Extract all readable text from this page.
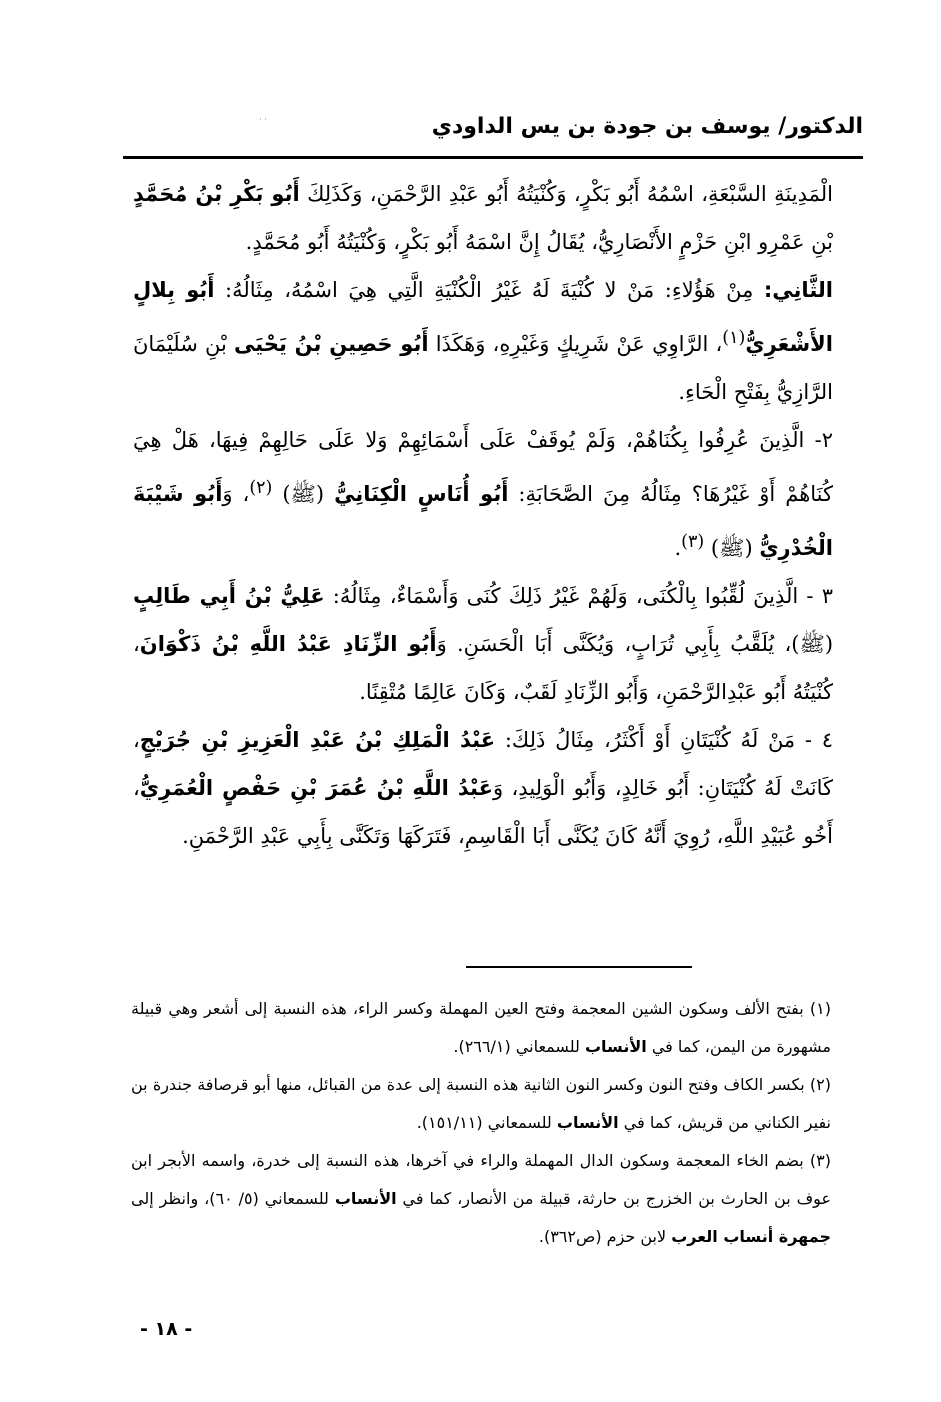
˙˙	الدكتور/ يوسف بن جودة بن يس الداودي

الْمَدِينَةِ السَّبْعَةِ، اسْمُهُ أَبُو بَكْرٍ، وَكُنْيَتُهُ أَبُو عَبْدِ الرَّحْمَنِ، وَكَذَلِكَ أَبُو بَكْرِ بْنُ مُحَمَّدٍ بْنِ عَمْرِو ابْنِ حَزْمٍ الأَنْصَارِيُّ، يُقَالُ إِنَّ اسْمَهُ أَبُو بَكْرٍ، وَكُنْيَتُهُ أَبُو مُحَمَّدٍ.

الثَّانِي: مِنْ هَؤُلاءِ: مَنْ لا كُنْيَةَ لَهُ غَيْرُ الْكُنْيَةِ الَّتِي هِيَ اسْمُهُ، مِثَالُهُ: أَبُو بِلالٍ الأَشْعَرِيُّ$^{(١)}$، الرَّاوِي عَنْ شَرِيكٍ وَغَيْرِهِ، وَهَكَذَا أَبُو حَصِينِ بْنُ يَحْيَى بْنِ سُلَيْمَانَ الرَّازِيُّ بِفَتْحِ الْحَاءِ.

٢- الَّذِينَ عُرِفُوا بِكُنَاهُمْ، وَلَمْ يُوقَفْ عَلَى أَسْمَائِهِمْ وَلا عَلَى حَالِهِمْ فِيهَا، هَلْ هِيَ كُنَاهُمْ أَوْ غَيْرُهَا؟ مِثَالُهُ مِنَ الصَّحَابَةِ: أَبُو أُنَاسٍ الْكِنَانِيُّ (ﷺ) $^{(٢)}$، وَأَبُو شَيْبَةَ الْخُدْرِيُّ (ﷺ) $^{(٣)}$.

٣ - الَّذِينَ لُقِّبُوا بِالْكُنَى، وَلَهُمْ غَيْرُ ذَلِكَ كُنَى وَأَسْمَاءٌ، مِثَالُهُ: عَلِيُّ بْنُ أَبِي طَالِبٍ (ﷺ)، يُلَقَّبُ بِأَبِي تُرَابٍ، وَيُكَنَّى أَبَا الْحَسَنِ. وَأَبُو الزِّنَادِ عَبْدُ اللَّهِ بْنُ ذَكْوَانَ، كُنْيَتُهُ أَبُو عَبْدِالرَّحْمَنِ، وَأَبُو الزِّنَادِ لَقَبٌ، وَكَانَ عَالِمًا مُتْقِنًا.

٤ - مَنْ لَهُ كُنْيَتَانِ أَوْ أَكْثَرُ، مِثَالُ ذَلِكَ: عَبْدُ الْمَلِكِ بْنُ عَبْدِ الْعَزِيزِ بْنِ جُرَيْجٍ، كَانَتْ لَهُ كُنْيَتَانِ: أَبُو خَالِدٍ، وَأَبُو الْوَلِيدِ، وَعَبْدُ اللَّهِ بْنُ عُمَرَ بْنِ حَفْصٍ الْعُمَرِيُّ، أَخُو عُبَيْدِ اللَّهِ، رُوِيَ أَنَّهُ كَانَ يُكَنَّى أَبَا الْقَاسِمِ، فَتَرَكَهَا وَتَكَنَّى بِأَبِي عَبْدِ الرَّحْمَنِ.

(١) بفتح الألف وسكون الشين المعجمة وفتح العين المهملة وكسر الراء، هذه النسبة إلى أشعر وهي قبيلة مشهورة من اليمن، كما في الأنساب للسمعاني (٢٦٦/١).

(٢) بكسر الكاف وفتح النون وكسر النون الثانية هذه النسبة إلى عدة من القبائل، منها أبو قرصافة جندرة بن نفير الكناني من قريش، كما في الأنساب للسمعاني (١٥١/١١).

(٣) بضم الخاء المعجمة وسكون الدال المهملة والراء في آخرها، هذه النسبة إلى خدرة، واسمه الأبجر ابن عوف بن الحارث بن الخزرج بن حارثة، قبيلة من الأنصار، كما في الأنساب للسمعاني (٥/ ٦٠)، وانظر إلى جمهرة أنساب العرب لابن حزم (ص٣٦٢).

- ١٨ -
